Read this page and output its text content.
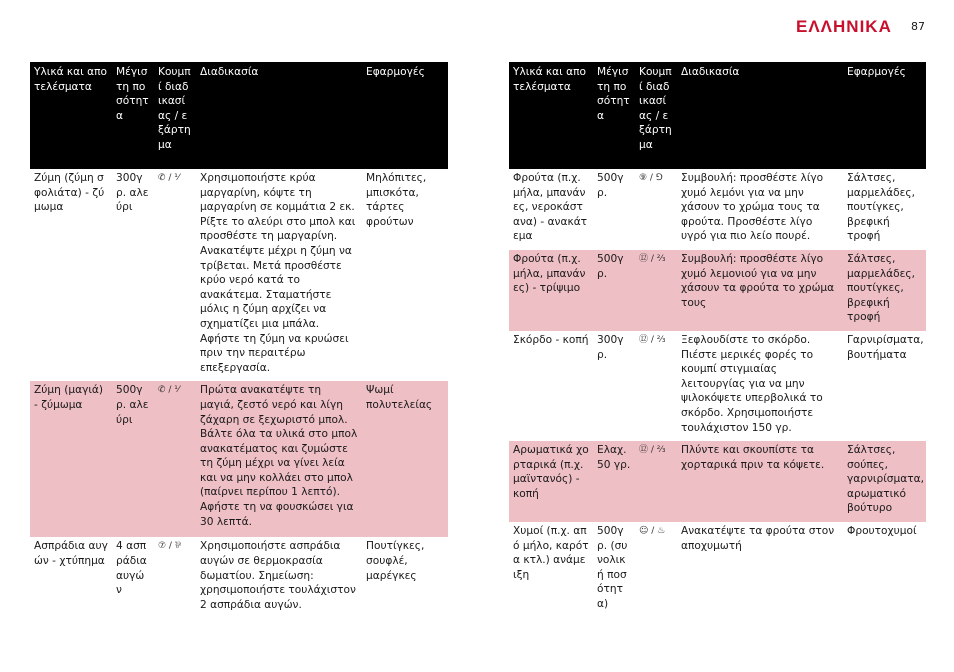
ΕΛΛΗΝΙΚΑ 87
Υλικά και αποτελέσματα	Μέγιστη ποσότητα	Κουμπί διαδικασίας / εξάρτημα	Διαδικασία	Εφαρμογές
Ζύμη (ζύμη σφολιάτα) - ζύμωμα	300γρ. αλεύρι	✆ / ⅟	Χρησιμοποιήστε κρύα μαργαρίνη, κόψτε τη μαργαρίνη σε κομμάτια 2 εκ. Ρίξτε το αλεύρι στο μπολ και προσθέστε τη μαργαρίνη. Ανακατέψτε μέχρι η ζύμη να τρίβεται. Μετά προσθέστε κρύο νερό κατά το ανακάτεμα. Σταματήστε μόλις η ζύμη αρχίζει να σχηματίζει μια μπάλα. Αφήστε τη ζύμη να κρυώσει πριν την περαιτέρω επεξεργασία.	Μηλόπιτες, μπισκότα, τάρτες φρούτων
Ζύμη (μαγιά) - ζύμωμα	500γρ. αλεύρι	✆ / ⅟	Πρώτα ανακατέψτε τη μαγιά, ζεστό νερό και λίγη ζάχαρη σε ξεχωριστό μπολ. Βάλτε όλα τα υλικά στο μπολ ανακατέματος και ζυμώστε τη ζύμη μέχρι να γίνει λεία και να μην κολλάει στο μπολ (παίρνει περίπου 1 λεπτό). Αφήστε τη να φουσκώσει για 30 λεπτά.	Ψωμί πολυτελείας
Ασπράδια αυγών - χτύπημα	4 ασπράδια αυγών	⑦ / ⅌	Χρησιμοποιήστε ασπράδια αυγών σε θερμοκρασία δωματίου. Σημείωση: χρησιμοποιήστε τουλάχιστον 2 ασπράδια αυγών.	Πουτίγκες, σουφλέ, μαρέγκες
Υλικά και αποτελέσματα	Μέγιστη ποσότητα	Κουμπί διαδικασίας / εξάρτημα	Διαδικασία	Εφαρμογές
Φρούτα (π.χ. μήλα, μπανάνες, νεροκάστανα) - ανακάτεμα	500γρ.	⑨ / ⅁	Συμβουλή: προσθέστε λίγο χυμό λεμόνι για να μην χάσουν το χρώμα τους τα φρούτα. Προσθέστε λίγο υγρό για πιο λείο πουρέ.	Σάλτσες, μαρμελάδες, πουτίγκες, βρεφική τροφή
Φρούτα (π.χ. μήλα, μπανάνες) - τρίψιμο	500γρ.	⑫ / ⅔	Συμβουλή: προσθέστε λίγο χυμό λεμονιού για να μην χάσουν τα φρούτα το χρώμα τους	Σάλτσες, μαρμελάδες, πουτίγκες, βρεφική τροφή
Σκόρδο - κοπή	300γρ.	⑫ / ⅔	Ξεφλουδίστε το σκόρδο. Πιέστε μερικές φορές το κουμπί στιγμιαίας λειτουργίας για να μην ψιλοκόψετε υπερβολικά το σκόρδο. Χρησιμοποιήστε τουλάχιστον 150 γρ.	Γαρνιρίσματα, βουτήματα
Αρωματικά χορταρικά (π.χ. μαϊντανός) - κοπή	Ελαχ. 50 γρ.	⑫ / ⅔	Πλύντε και σκουπίστε τα χορταρικά πριν τα κόψετε.	Σάλτσες, σούπες, γαρνιρίσματα, αρωματικό βούτυρο
Χυμοί (π.χ. από μήλο, καρότα κτλ.) ανάμειξη	500γρ. (συνολική ποσότητα)	☺ / ♨	Ανακατέψτε τα φρούτα στον αποχυμωτή	Φρουτοχυμοί
